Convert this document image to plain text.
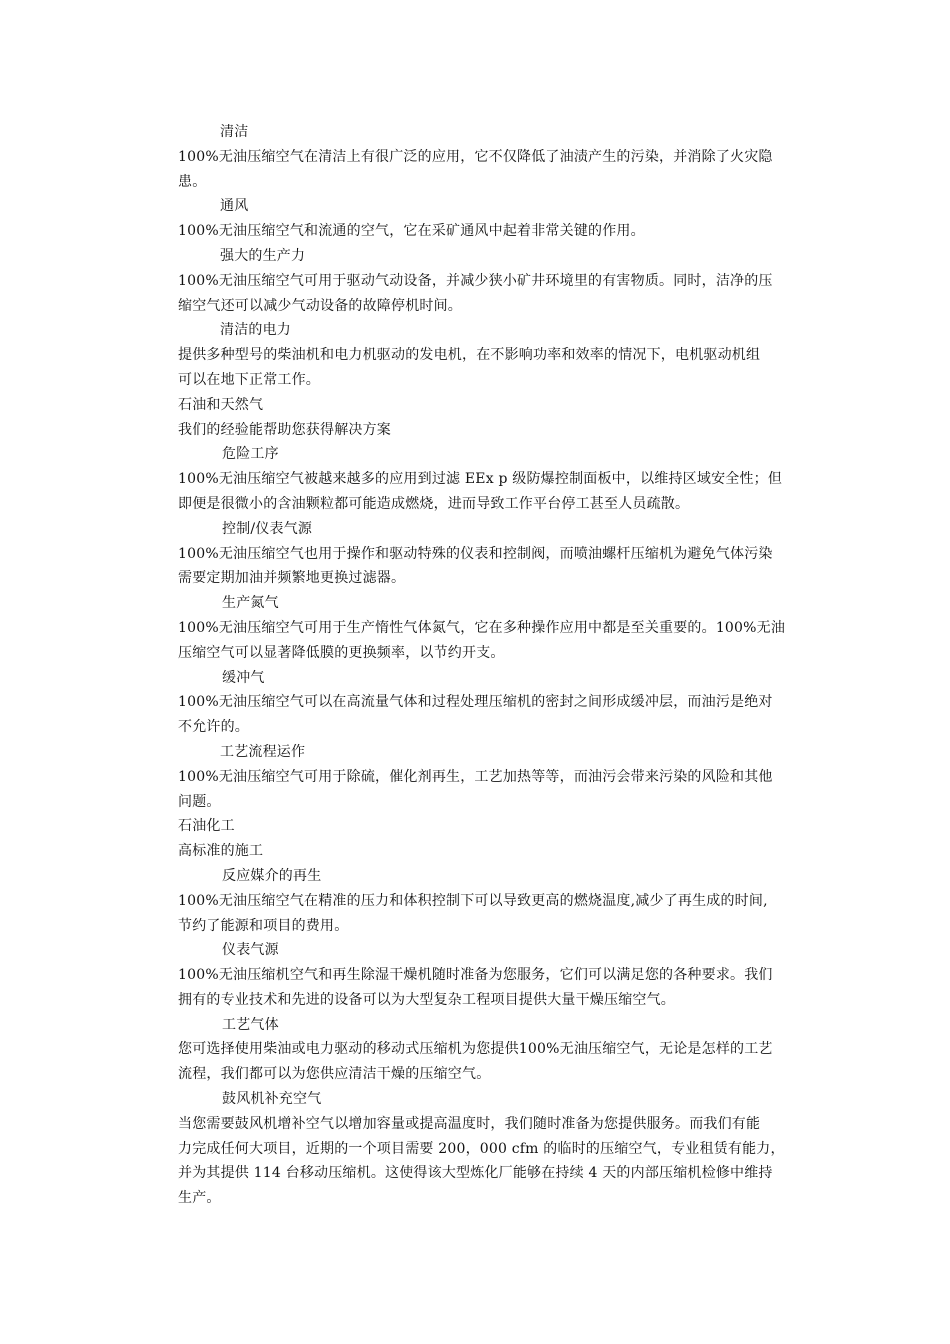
清洁
100%无油压缩空气在清洁上有很广泛的应用，它不仅降低了油渍产生的污染，并消除了火灾隐
患。
通风
100%无油压缩空气和流通的空气，它在采矿通风中起着非常关键的作用。
强大的生产力
100%无油压缩空气可用于驱动气动设备，并减少狭小矿井环境里的有害物质。同时，洁净的压
缩空气还可以减少气动设备的故障停机时间。
清洁的电力
提供多种型号的柴油机和电力机驱动的发电机，在不影响功率和效率的情况下，电机驱动机组
可以在地下正常工作。
石油和天然气
我们的经验能帮助您获得解决方案
危险工序
100%无油压缩空气被越来越多的应用到过滤 EEx p 级防爆控制面板中，以维持区域安全性；但
即便是很微小的含油颗粒都可能造成燃烧，进而导致工作平台停工甚至人员疏散。
控制/仪表气源
100%无油压缩空气也用于操作和驱动特殊的仪表和控制阀，而喷油螺杆压缩机为避免气体污染
需要定期加油并频繁地更换过滤器。
生产氮气
100%无油压缩空气可用于生产惰性气体氮气，它在多种操作应用中都是至关重要的。100%无油
压缩空气可以显著降低膜的更换频率，以节约开支。
缓冲气
100%无油压缩空气可以在高流量气体和过程处理压缩机的密封之间形成缓冲层，而油污是绝对
不允许的。
工艺流程运作
100%无油压缩空气可用于除硫，催化剂再生，工艺加热等等，而油污会带来污染的风险和其他
问题。
石油化工
高标准的施工
反应媒介的再生
100%无油压缩空气在精准的压力和体积控制下可以导致更高的燃烧温度,减少了再生成的时间,
节约了能源和项目的费用。
仪表气源
100%无油压缩机空气和再生除湿干燥机随时准备为您服务，它们可以满足您的各种要求。我们
拥有的专业技术和先进的设备可以为大型复杂工程项目提供大量干燥压缩空气。
工艺气体
您可选择使用柴油或电力驱动的移动式压缩机为您提供100%无油压缩空气，无论是怎样的工艺
流程，我们都可以为您供应清洁干燥的压缩空气。
鼓风机补充空气
当您需要鼓风机增补空气以增加容量或提高温度时，我们随时准备为您提供服务。而我们有能
力完成任何大项目，近期的一个项目需要 200，000 cfm 的临时的压缩空气，专业租赁有能力，
并为其提供 114 台移动压缩机。这使得该大型炼化厂能够在持续 4 天的内部压缩机检修中维持
生产。
